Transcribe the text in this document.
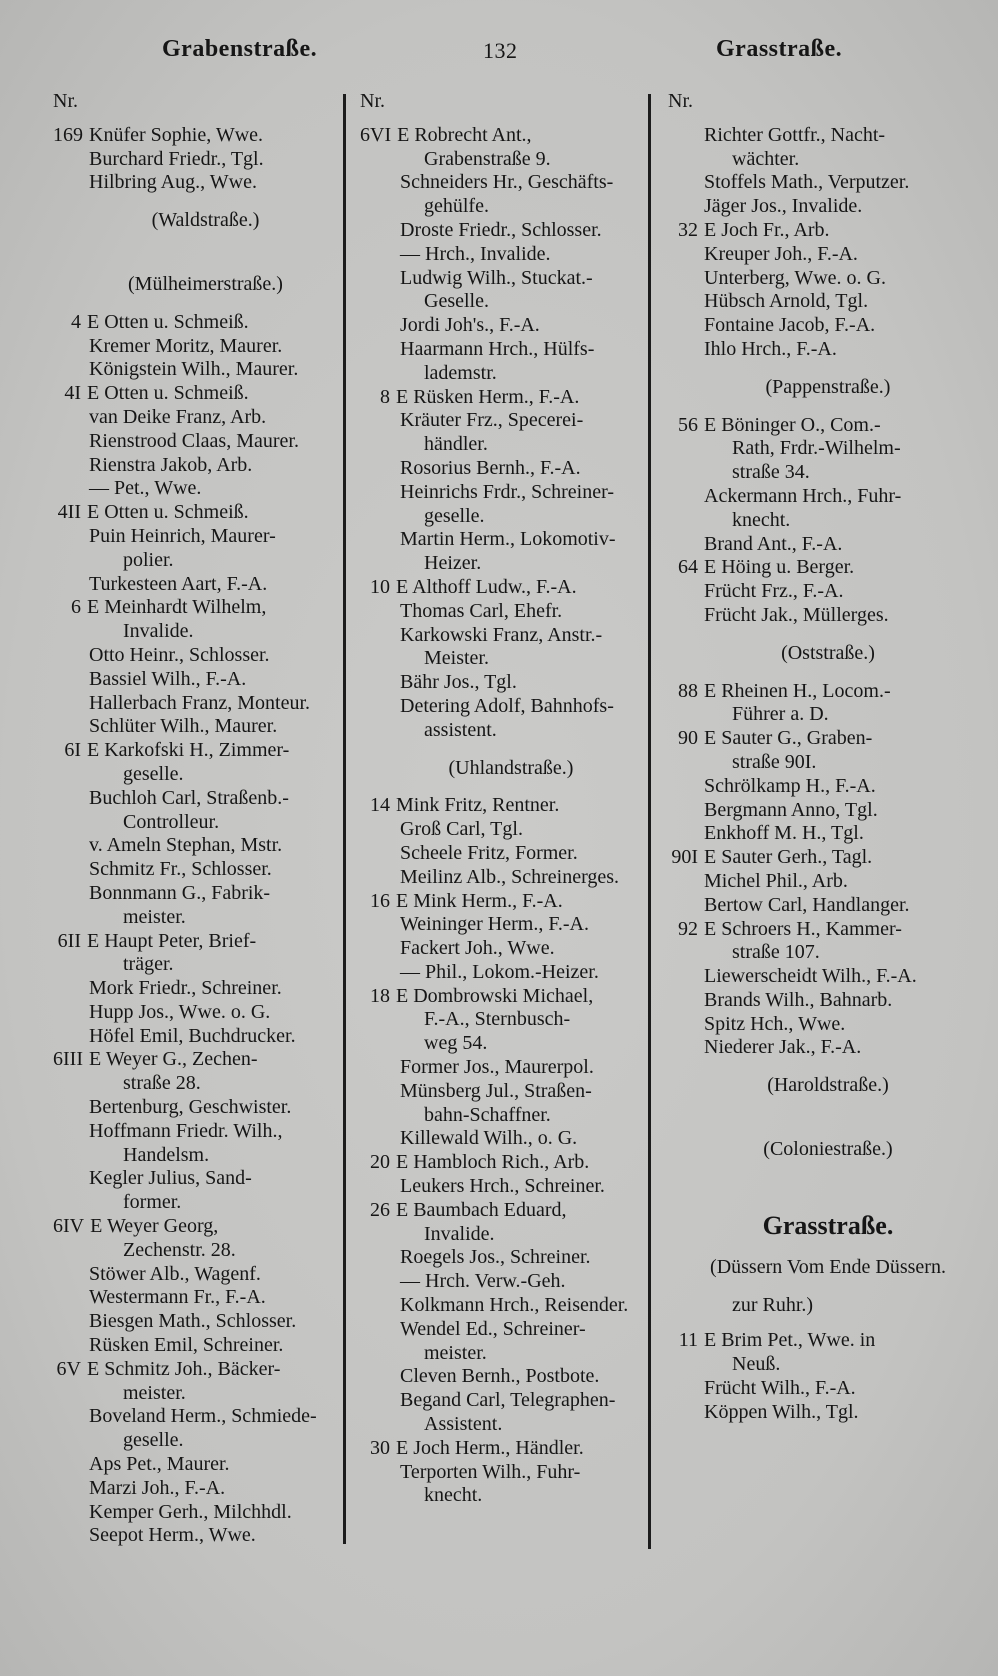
Grabenstraße.	132	Grasstraße.
Nr.
169 Knüfer Sophie, Wwe.
Burchard Friedr., Tgl.
Hilbring Aug., Wwe.
(Waldstraße.)
(Mülheimerstraße.)
4 E Otten u. Schmeiß.
Kremer Moritz, Maurer.
Königstein Wilh., Maurer.
4I E Otten u. Schmeiß.
van Deike Franz, Arb.
Rienstrood Claas, Maurer.
Rienstra Jakob, Arb.
— Pet., Wwe.
4II E Otten u. Schmeiß.
Puin Heinrich, Maurer-
polier.
Turkesteen Aart, F.-A.
6 E Meinhardt Wilhelm,
Invalide.
Otto Heinr., Schlosser.
Bassiel Wilh., F.-A.
Hallerbach Franz, Monteur.
Schlüter Wilh., Maurer.
6I E Karkofski H., Zimmer-
geselle.
Buchloh Carl, Straßenb.-
Controlleur.
v. Ameln Stephan, Mstr.
Schmitz Fr., Schlosser.
Bonnmann G., Fabrik-
meister.
6II E Haupt Peter, Brief-
träger.
Mork Friedr., Schreiner.
Hupp Jos., Wwe. o. G.
Höfel Emil, Buchdrucker.
6III E Weyer G., Zechen-
straße 28.
Bertenburg, Geschwister.
Hoffmann Friedr. Wilh.,
Handelsm.
Kegler Julius, Sand-
former.
6IV E Weyer Georg,
Zechenstr. 28.
Stöwer Alb., Wagenf.
Westermann Fr., F.-A.
Biesgen Math., Schlosser.
Rüsken Emil, Schreiner.
6V E Schmitz Joh., Bäcker-
meister.
Boveland Herm., Schmiede-
geselle.
Aps Pet., Maurer.
Marzi Joh., F.-A.
Kemper Gerh., Milchhdl.
Seepot Herm., Wwe.
Nr.
6VI E Robrecht Ant.,
Grabenstraße 9.
Schneiders Hr., Geschäfts-
gehülfe.
Droste Friedr., Schlosser.
— Hrch., Invalide.
Ludwig Wilh., Stuckat.-
Geselle.
Jordi Joh's., F.-A.
Haarmann Hrch., Hülfs-
lademstr.
8 E Rüsken Herm., F.-A.
Kräuter Frz., Specerei-
händler.
Rosorius Bernh., F.-A.
Heinrichs Frdr., Schreiner-
geselle.
Martin Herm., Lokomotiv-
Heizer.
10 E Althoff Ludw., F.-A.
Thomas Carl, Ehefr.
Karkowski Franz, Anstr.-
Meister.
Bähr Jos., Tgl.
Detering Adolf, Bahnhofs-
assistent.
(Uhlandstraße.)
14 Mink Fritz, Rentner.
Groß Carl, Tgl.
Scheele Fritz, Former.
Meilinz Alb., Schreinerges.
16 E Mink Herm., F.-A.
Weininger Herm., F.-A.
Fackert Joh., Wwe.
— Phil., Lokom.-Heizer.
18 E Dombrowski Michael,
F.-A., Sternbusch-
weg 54.
Former Jos., Maurerpol.
Münsberg Jul., Straßen-
bahn-Schaffner.
Killewald Wilh., o. G.
20 E Hambloch Rich., Arb.
Leukers Hrch., Schreiner.
26 E Baumbach Eduard,
Invalide.
Roegels Jos., Schreiner.
— Hrch. Verw.-Geh.
Kolkmann Hrch., Reisender.
Wendel Ed., Schreiner-
meister.
Cleven Bernh., Postbote.
Begand Carl, Telegraphen-
Assistent.
30 E Joch Herm., Händler.
Terporten Wilh., Fuhr-
knecht.
Nr.
Richter Gottfr., Nacht-
wächter.
Stoffels Math., Verputzer.
Jäger Jos., Invalide.
32 E Joch Fr., Arb.
Kreuper Joh., F.-A.
Unterberg, Wwe. o. G.
Hübsch Arnold, Tgl.
Fontaine Jacob, F.-A.
Ihlo Hrch., F.-A.
(Pappenstraße.)
56 E Böninger O., Com.-
Rath, Frdr.-Wilhelm-
straße 34.
Ackermann Hrch., Fuhr-
knecht.
Brand Ant., F.-A.
64 E Höing u. Berger.
Frücht Frz., F.-A.
Frücht Jak., Müllerges.
(Oststraße.)
88 E Rheinen H., Locom.-
Führer a. D.
90 E Sauter G., Graben-
straße 90I.
Schrölkamp H., F.-A.
Bergmann Anno, Tgl.
Enkhoff M. H., Tgl.
90I E Sauter Gerh., Tagl.
Michel Phil., Arb.
Bertow Carl, Handlanger.
92 E Schroers H., Kammer-
straße 107.
Liewerscheidt Wilh., F.-A.
Brands Wilh., Bahnarb.
Spitz Hch., Wwe.
Niederer Jak., F.-A.
(Haroldstraße.)
(Coloniestraße.)
Grasstraße.
(Düssern Vom Ende Düssern.
zur Ruhr.)
11 E Brim Pet., Wwe. in
Neuß.
Frücht Wilh., F.-A.
Köppen Wilh., Tgl.
